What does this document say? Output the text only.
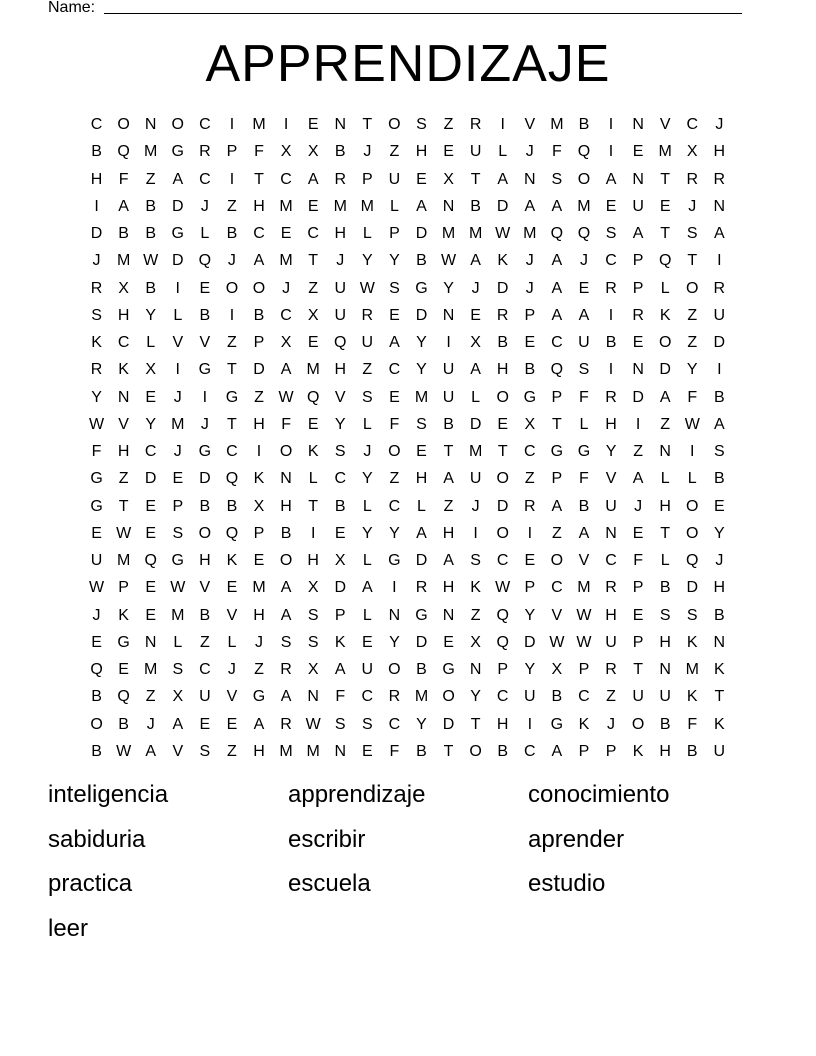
Name:
APPRENDIZAJE
C O N O C	I	M	I	E N	T O S	Z	R	I	V M B	I	N V C	J
B Q M G R P	F	X	X	B	J	Z	H E U	L	J	F Q	I	E M X H
H	F	Z	A C	I	T	C A R P U E	X	T	A N S O A N	T	R R
I	A	B D	J	Z	H M E M M L	A N B D A	A M E U E	J	N
D B	B G	L	B C E C H	L	P D M M W M Q Q S	A	T	S	A
J	M W D Q	J	A M T	J	Y	Y	B W A	K	J	A	J	C P Q T	I
R X	B	I	E O O	J	Z	U W S G Y	J	D	J	A	E R P	L	O R
S H Y	L	B	I	B C X U R E D N E R P	A	A	I	R K	Z	U
K C	L	V	V	Z	P	X	E Q U A	Y	I	X	B	E C U B	E O Z	D
R K	X	I	G T	D A M H	Z	C Y U A H B Q S	I	N D Y	I
Y N E	J	I	G Z W Q V	S	E M U	L	O G P	F	R D A	F	B
W V	Y M	J	T	H	F	E	Y	L	F	S	B D E	X	T	L	H	I	Z W A
F	H C	J	G C	I	O K	S	J	O E	T M T	C G G Y	Z	N	I	S
G Z	D E D Q K N	L	C Y	Z	H A U O Z	P	F	V	A	L	L	B
G T	E	P	B	B	X H	T	B	L	C	L	Z	J	D R A	B U	J	H O E
E W E	S O Q P	B	I	E	Y	Y	A H	I	O	I	Z	A N E	T O Y
U M Q G H K	E O H X	L	G D A	S C E O V C	F	L	Q	J
W P	E W V	E M A	X D A	I	R H K W P C M R P	B D H
J	K	E M B	V H A	S	P	L	N G N	Z Q Y	V W H E	S	S	B
E G N	L	Z	L	J	S	S	K	E	Y D E	X Q D W W U P H K N
Q E M S C	J	Z	R X	A U O B G N P	Y	X	P R	T	N M K
B Q Z	X U V G A N	F	C R M O Y C U B C	Z	U U K	T
O B	J	A	E	E	A R W S	S C Y D	T	H	I	G K	J	O B	F	K
B W A	V	S	Z	H M M N E	F	B	T O B C A	P	P	K H B U
inteligencia	apprendizaje	conocimiento
sabiduria	escribir	aprender
practica	escuela	estudio
leer
